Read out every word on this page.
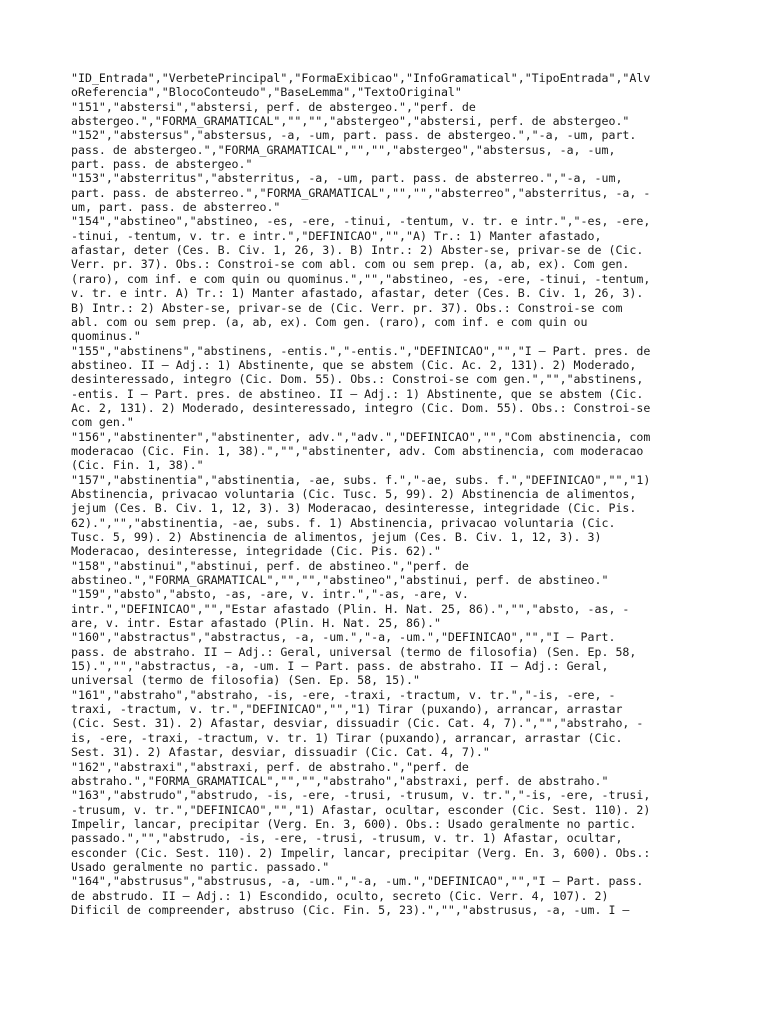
"ID_Entrada","VerbetePrincipal","FormaExibicao","InfoGramatical","TipoEntrada","Alv
oReferencia","BlocoConteudo","BaseLemma","TextoOriginal"
"151","abstersi","abstersi, perf. de abstergeo.","perf. de
abstergeo.","FORMA_GRAMATICAL","","","abstergeo","abstersi, perf. de abstergeo."
"152","abstersus","abstersus, -a, -um, part. pass. de abstergeo.","-a, -um, part.
pass. de abstergeo.","FORMA_GRAMATICAL","","","abstergeo","abstersus, -a, -um,
part. pass. de abstergeo."
"153","absterritus","absterritus, -a, -um, part. pass. de absterreo.","-a, -um,
part. pass. de absterreo.","FORMA_GRAMATICAL","","","absterreo","absterritus, -a, -
um, part. pass. de absterreo."
"154","abstineo","abstineo, -es, -ere, -tinui, -tentum, v. tr. e intr.","-es, -ere,
-tinui, -tentum, v. tr. e intr.","DEFINICAO","","A) Tr.: 1) Manter afastado,
afastar, deter (Ces. B. Civ. 1, 26, 3). B) Intr.: 2) Abster-se, privar-se de (Cic.
Verr. pr. 37). Obs.: Constroi-se com abl. com ou sem prep. (a, ab, ex). Com gen.
(raro), com inf. e com quin ou quominus.","","abstineo, -es, -ere, -tinui, -tentum,
v. tr. e intr. A) Tr.: 1) Manter afastado, afastar, deter (Ces. B. Civ. 1, 26, 3).
B) Intr.: 2) Abster-se, privar-se de (Cic. Verr. pr. 37). Obs.: Constroi-se com
abl. com ou sem prep. (a, ab, ex). Com gen. (raro), com inf. e com quin ou
quominus."
"155","abstinens","abstinens, -entis.","-entis.","DEFINICAO","","I — Part. pres. de
abstineo. II — Adj.: 1) Abstinente, que se abstem (Cic. Ac. 2, 131). 2) Moderado,
desinteressado, integro (Cic. Dom. 55). Obs.: Constroi-se com gen.","","abstinens,
-entis. I — Part. pres. de abstineo. II — Adj.: 1) Abstinente, que se abstem (Cic.
Ac. 2, 131). 2) Moderado, desinteressado, integro (Cic. Dom. 55). Obs.: Constroi-se
com gen."
"156","abstinenter","abstinenter, adv.","adv.","DEFINICAO","","Com abstinencia, com
moderacao (Cic. Fin. 1, 38).","","abstinenter, adv. Com abstinencia, com moderacao
(Cic. Fin. 1, 38)."
"157","abstinentia","abstinentia, -ae, subs. f.","-ae, subs. f.","DEFINICAO","","1)
Abstinencia, privacao voluntaria (Cic. Tusc. 5, 99). 2) Abstinencia de alimentos,
jejum (Ces. B. Civ. 1, 12, 3). 3) Moderacao, desinteresse, integridade (Cic. Pis.
62).","","abstinentia, -ae, subs. f. 1) Abstinencia, privacao voluntaria (Cic.
Tusc. 5, 99). 2) Abstinencia de alimentos, jejum (Ces. B. Civ. 1, 12, 3). 3)
Moderacao, desinteresse, integridade (Cic. Pis. 62)."
"158","abstinui","abstinui, perf. de abstineo.","perf. de
abstineo.","FORMA_GRAMATICAL","","","abstineo","abstinui, perf. de abstineo."
"159","absto","absto, -as, -are, v. intr.","-as, -are, v.
intr.","DEFINICAO","","Estar afastado (Plin. H. Nat. 25, 86).","","absto, -as, -
are, v. intr. Estar afastado (Plin. H. Nat. 25, 86)."
"160","abstractus","abstractus, -a, -um.","-a, -um.","DEFINICAO","","I — Part.
pass. de abstraho. II — Adj.: Geral, universal (termo de filosofia) (Sen. Ep. 58,
15).","","abstractus, -a, -um. I — Part. pass. de abstraho. II — Adj.: Geral,
universal (termo de filosofia) (Sen. Ep. 58, 15)."
"161","abstraho","abstraho, -is, -ere, -traxi, -tractum, v. tr.","-is, -ere, -
traxi, -tractum, v. tr.","DEFINICAO","","1) Tirar (puxando), arrancar, arrastar
(Cic. Sest. 31). 2) Afastar, desviar, dissuadir (Cic. Cat. 4, 7).","","abstraho, -
is, -ere, -traxi, -tractum, v. tr. 1) Tirar (puxando), arrancar, arrastar (Cic.
Sest. 31). 2) Afastar, desviar, dissuadir (Cic. Cat. 4, 7)."
"162","abstraxi","abstraxi, perf. de abstraho.","perf. de
abstraho.","FORMA_GRAMATICAL","","","abstraho","abstraxi, perf. de abstraho."
"163","abstrudo","abstrudo, -is, -ere, -trusi, -trusum, v. tr.","-is, -ere, -trusi,
-trusum, v. tr.","DEFINICAO","","1) Afastar, ocultar, esconder (Cic. Sest. 110). 2)
Impelir, lancar, precipitar (Verg. En. 3, 600). Obs.: Usado geralmente no partic.
passado.","","abstrudo, -is, -ere, -trusi, -trusum, v. tr. 1) Afastar, ocultar,
esconder (Cic. Sest. 110). 2) Impelir, lancar, precipitar (Verg. En. 3, 600). Obs.:
Usado geralmente no partic. passado."
"164","abstrusus","abstrusus, -a, -um.","-a, -um.","DEFINICAO","","I — Part. pass.
de abstrudo. II — Adj.: 1) Escondido, oculto, secreto (Cic. Verr. 4, 107). 2)
Dificil de compreender, abstruso (Cic. Fin. 5, 23).","","abstrusus, -a, -um. I —
